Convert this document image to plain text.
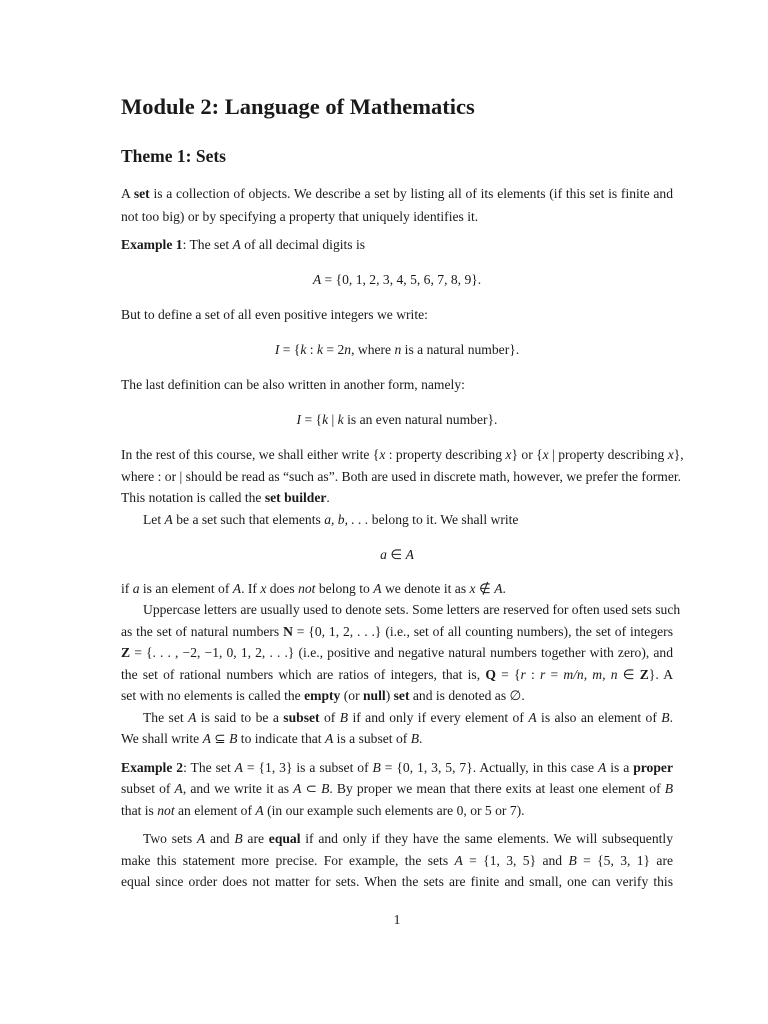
Module 2: Language of Mathematics
Theme 1: Sets
A set is a collection of objects. We describe a set by listing all of its elements (if this set is finite and
not too big) or by specifying a property that uniquely identifies it.
Example 1: The set A of all decimal digits is
A = {0, 1, 2, 3, 4, 5, 6, 7, 8, 9}.
But to define a set of all even positive integers we write:
I = {k : k = 2n, where n is a natural number}.
The last definition can be also written in another form, namely:
I = {k | k is an even natural number}.
In the rest of this course, we shall either write {x : property describing x} or {x | property describing x},
where : or | should be read as “such as”. Both are used in discrete math, however, we prefer the former.
This notation is called the set builder.
Let A be a set such that elements a, b, . . . belong to it. We shall write
a ∈ A
if a is an element of A. If x does not belong to A we denote it as x ∉ A.
Uppercase letters are usually used to denote sets. Some letters are reserved for often used sets such
as the set of natural numbers N = {0, 1, 2, . . .} (i.e., set of all counting numbers), the set of integers
Z = {. . . , −2, −1, 0, 1, 2, . . .} (i.e., positive and negative natural numbers together with zero), and
the set of rational numbers which are ratios of integers, that is, Q = {r : r = m/n, m, n ∈ Z}. A
set with no elements is called the empty (or null) set and is denoted as ∅.
The set A is said to be a subset of B if and only if every element of A is also an element of B.
We shall write A ⊆ B to indicate that A is a subset of B.
Example 2: The set A = {1, 3} is a subset of B = {0, 1, 3, 5, 7}. Actually, in this case A is a proper
subset of A, and we write it as A ⊂ B. By proper we mean that there exits at least one element of B
that is not an element of A (in our example such elements are 0, or 5 or 7).
Two sets A and B are equal if and only if they have the same elements. We will subsequently
make this statement more precise. For example, the sets A = {1, 3, 5} and B = {5, 3, 1} are
equal since order does not matter for sets. When the sets are finite and small, one can verify this
1
